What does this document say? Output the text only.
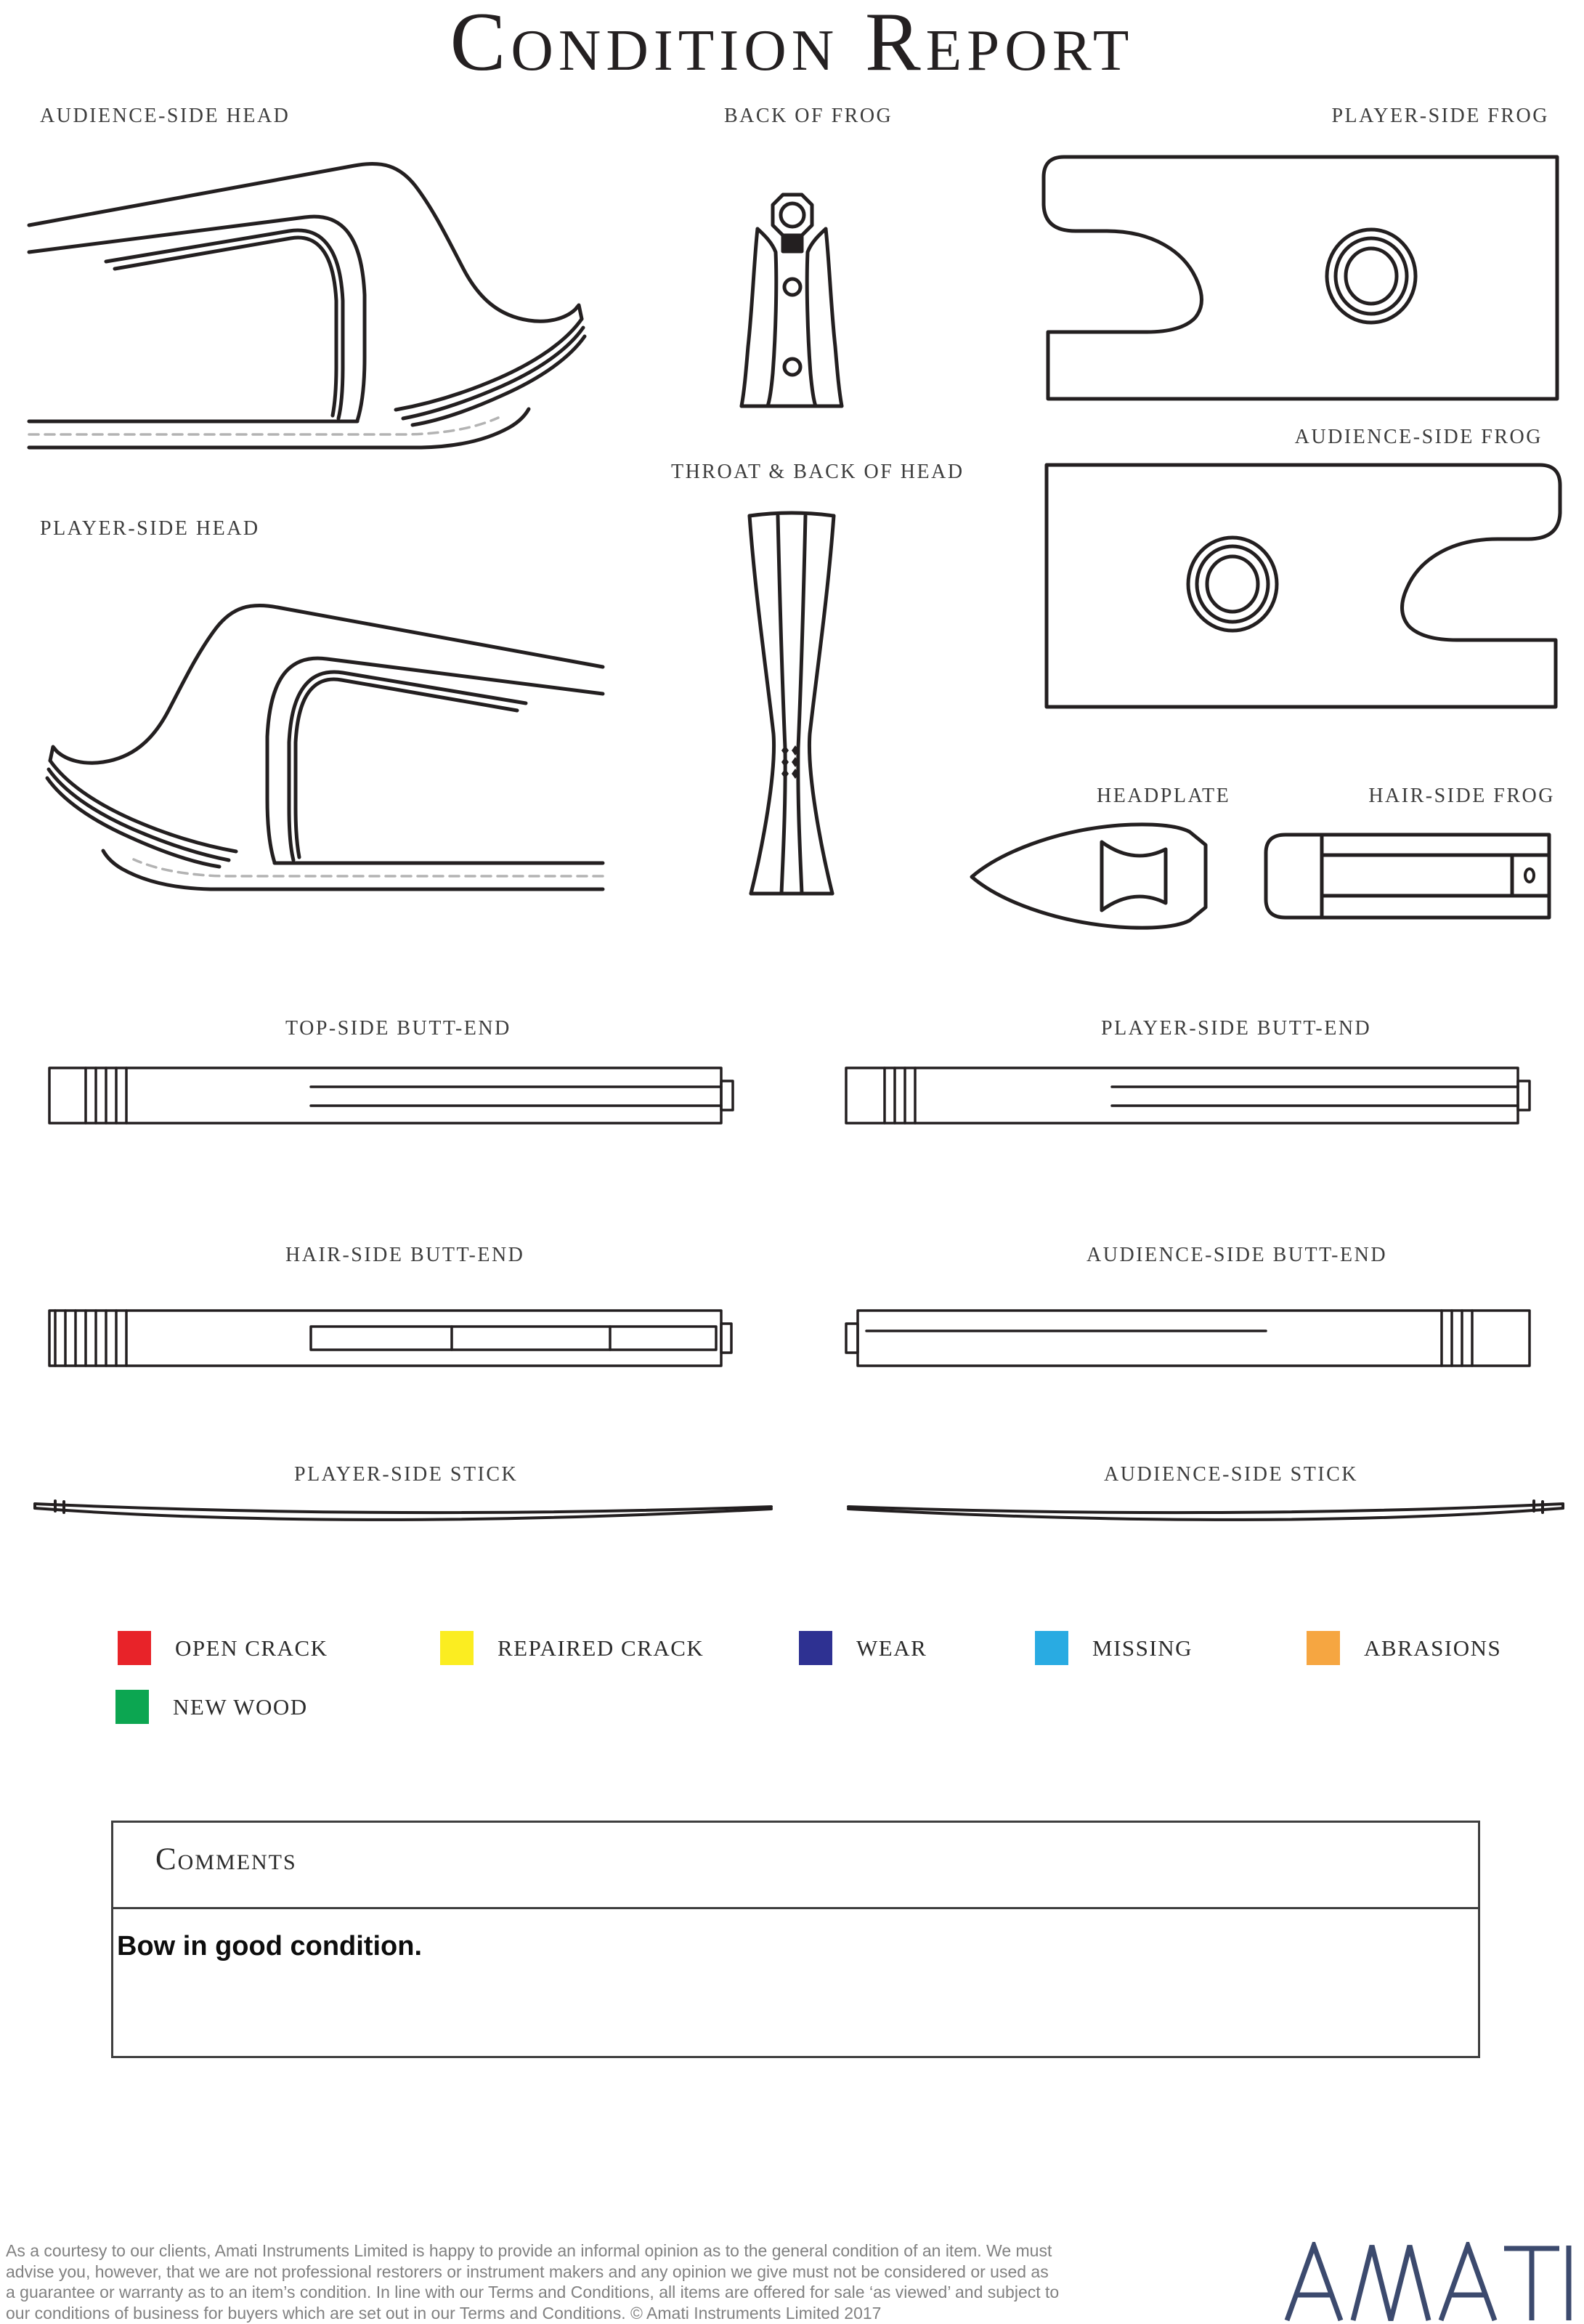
Condition Report
AUDIENCE-SIDE HEAD	BACK OF FROG	PLAYER-SIDE FROG
AUDIENCE-SIDE FROG
PLAYER-SIDE HEAD
THROAT & BACK OF HEAD
HEADPLATE	HAIR-SIDE FROG
TOP-SIDE BUTT-END	PLAYER-SIDE BUTT-END
HAIR-SIDE BUTT-END	AUDIENCE-SIDE BUTT-END
PLAYER-SIDE STICK	AUDIENCE-SIDE STICK
OPEN CRACK	REPAIRED CRACK	WEAR	MISSING	ABRASIONS
NEW WOOD
Comments
Bow in good condition.
As a courtesy to our clients, Amati Instruments Limited is happy to provide an informal opinion as to the general condition of an item. We must
advise you, however, that we are not professional restorers or instrument makers and any opinion we give must not be considered or used as
a guarantee or warranty as to an item’s condition. In line with our Terms and Conditions, all items are offered for sale ‘as viewed’ and subject to
our conditions of business for buyers which are set out in our Terms and Conditions. © Amati Instruments Limited 2017
